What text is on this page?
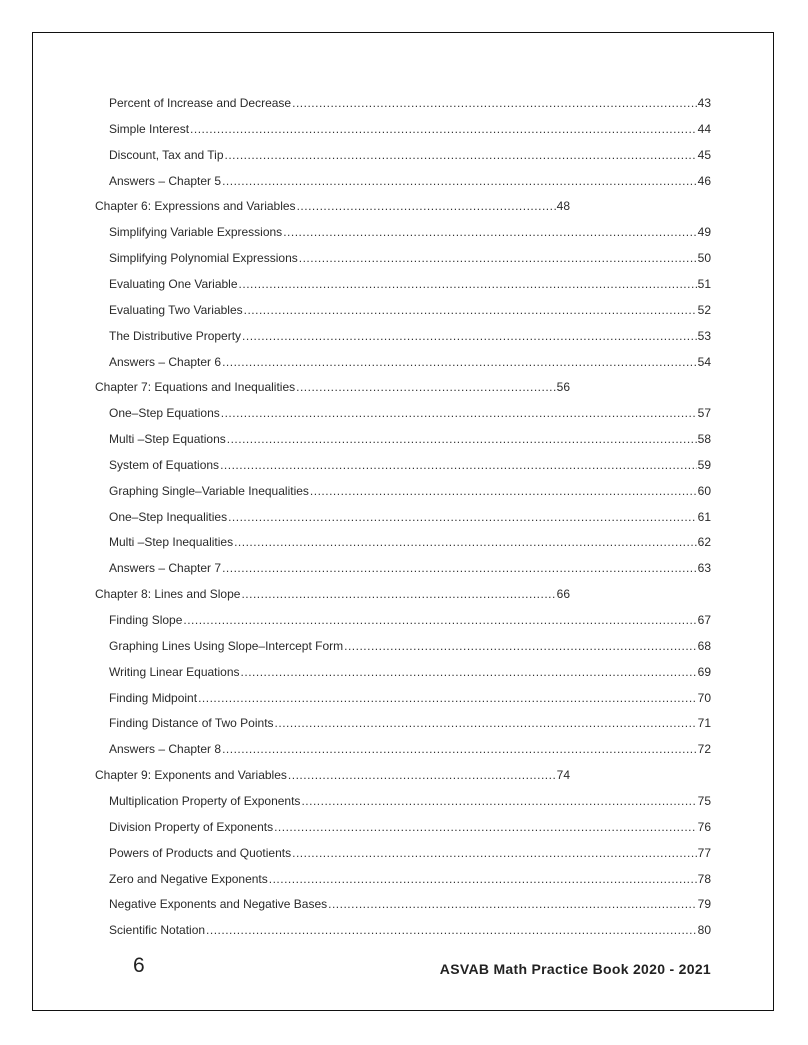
Percent of Increase and Decrease .....	43
Simple Interest .....	44
Discount, Tax and Tip .....	45
Answers – Chapter 5 .....	46
Chapter 6: Expressions and Variables .....	48
Simplifying Variable Expressions .....	49
Simplifying Polynomial Expressions .....	50
Evaluating One Variable .....	51
Evaluating Two Variables .....	52
The Distributive Property .....	53
Answers – Chapter 6 .....	54
Chapter 7: Equations and Inequalities .....	56
One–Step Equations .....	57
Multi –Step Equations .....	58
System of Equations .....	59
Graphing Single–Variable Inequalities .....	60
One–Step Inequalities .....	61
Multi –Step Inequalities .....	62
Answers – Chapter 7 .....	63
Chapter 8: Lines and Slope .....	66
Finding Slope .....	67
Graphing Lines Using Slope–Intercept Form .....	68
Writing Linear Equations .....	69
Finding Midpoint .....	70
Finding Distance of Two Points .....	71
Answers – Chapter 8 .....	72
Chapter 9: Exponents and Variables .....	74
Multiplication Property of Exponents .....	75
Division Property of Exponents .....	76
Powers of Products and Quotients .....	77
Zero and Negative Exponents .....	78
Negative Exponents and Negative Bases .....	79
Scientific Notation .....	80
6	ASVAB Math Practice Book 2020 - 2021
